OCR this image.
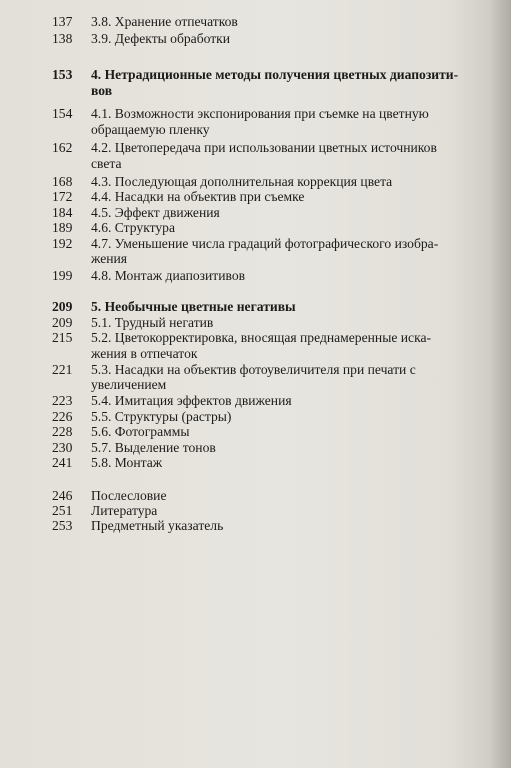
137	3.8. Хранение отпечатков
138	3.9. Дефекты обработки
153	4. Нетрадиционные методы получения цветных диапозити-
вов
154	4.1. Возможности экспонирования при съемке на цветную
обращаемую пленку
162	4.2. Цветопередача при использовании цветных источников
света
168	4.3. Последующая дополнительная коррекция цвета
172	4.4. Насадки на объектив при съемке
184	4.5. Эффект движения
189	4.6. Структура
192	4.7. Уменьшение числа градаций фотографического изобра-
жения
199	4.8. Монтаж диапозитивов
209	5. Необычные цветные негативы
209	5.1. Трудный негатив
215	5.2. Цветокорректировка, вносящая преднамеренные иска-
жения в отпечаток
221	5.3. Насадки на объектив фотоувеличителя при печати с
увеличением
223	5.4. Имитация эффектов движения
226	5.5. Структуры (растры)
228	5.6. Фотограммы
230	5.7. Выделение тонов
241	5.8. Монтаж
246	Послесловие
251	Литература
253	Предметный указатель
